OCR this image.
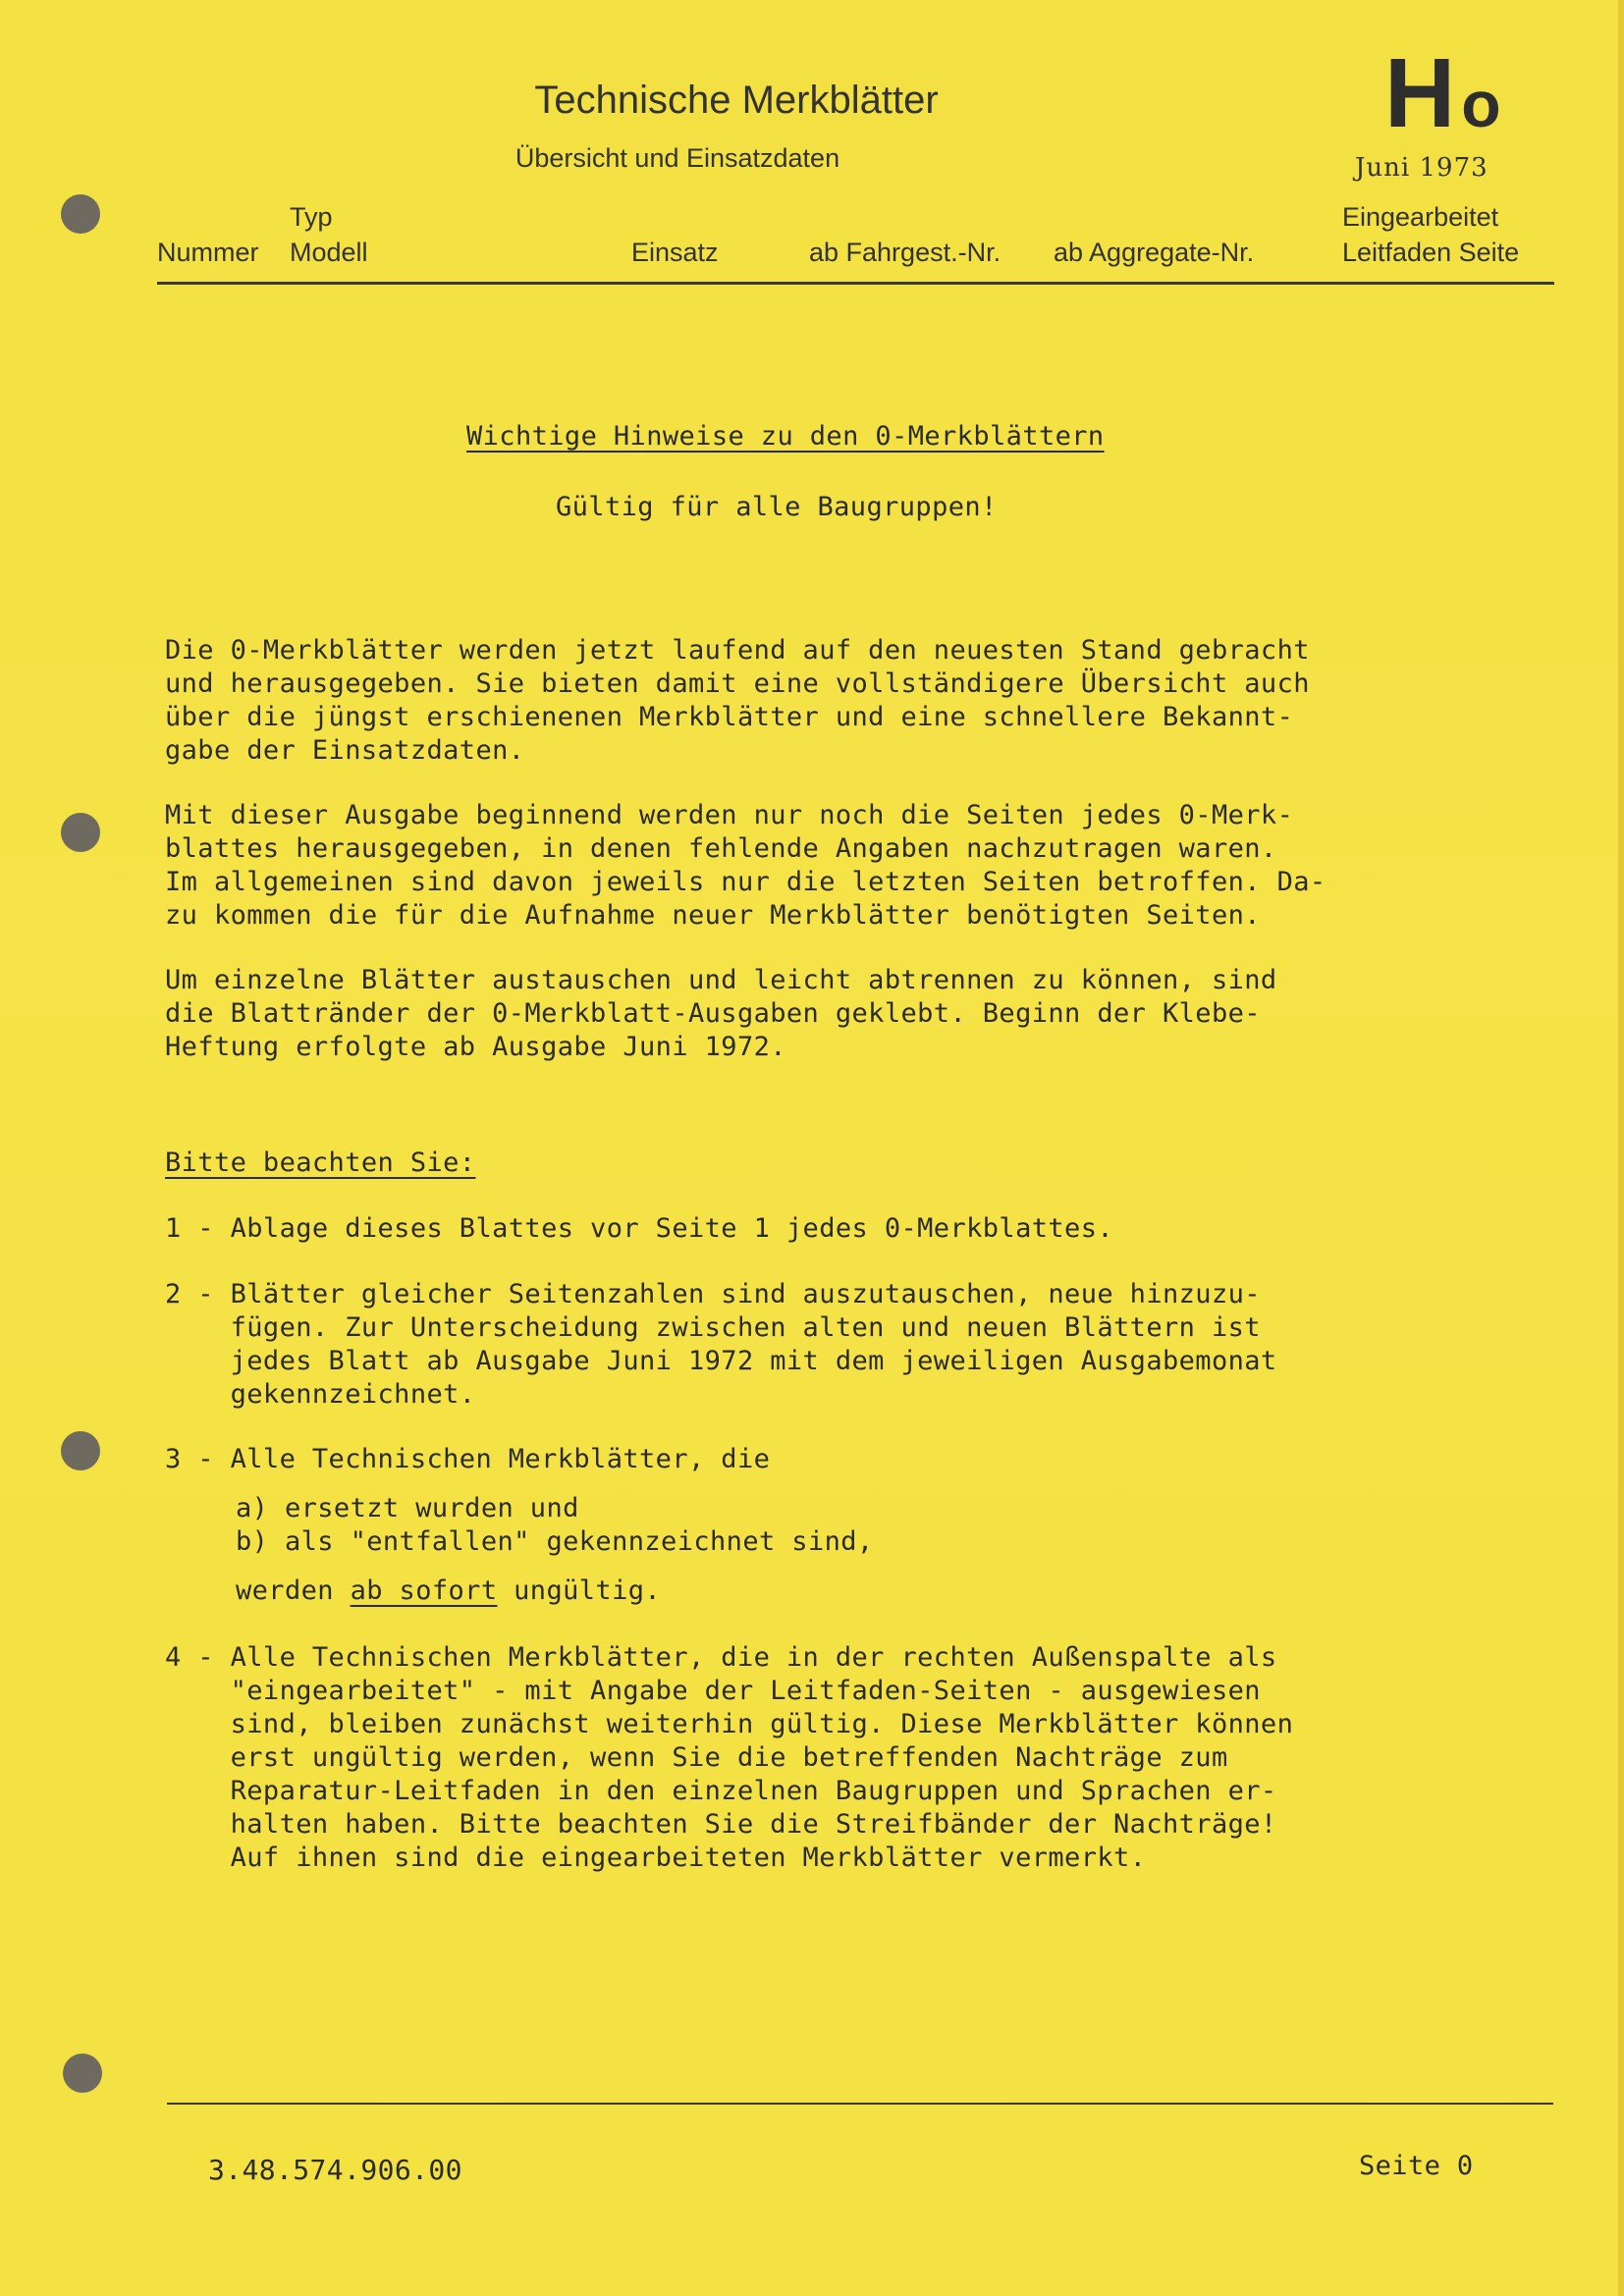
Technische Merkblätter
Übersicht und Einsatzdaten
Ho
Juni 1973
Typ
Nummer Modell	Einsatz	ab Fahrgest.-Nr. ab Aggregate-Nr.
Eingearbeitet
Leitfaden Seite
Wichtige Hinweise zu den 0-Merkblättern
Gültig für alle Baugruppen!
Die 0-Merkblätter werden jetzt laufend auf den neuesten Stand gebracht
und herausgegeben. Sie bieten damit eine vollständigere Übersicht auch
über die jüngst erschienenen Merkblätter und eine schnellere Bekannt-
gabe der Einsatzdaten.
Mit dieser Ausgabe beginnend werden nur noch die Seiten jedes 0-Merk-
blattes herausgegeben, in denen fehlende Angaben nachzutragen waren.
Im allgemeinen sind davon jeweils nur die letzten Seiten betroffen. Da-
zu kommen die für die Aufnahme neuer Merkblätter benötigten Seiten.
Um einzelne Blätter austauschen und leicht abtrennen zu können, sind
die Blattränder der 0-Merkblatt-Ausgaben geklebt. Beginn der Klebe-
Heftung erfolgte ab Ausgabe Juni 1972.
Bitte beachten Sie:
1 - Ablage dieses Blattes vor Seite 1 jedes 0-Merkblattes.
2 - Blätter gleicher Seitenzahlen sind auszutauschen, neue hinzuzu-
fügen. Zur Unterscheidung zwischen alten und neuen Blättern ist
jedes Blatt ab Ausgabe Juni 1972 mit dem jeweiligen Ausgabemonat
gekennzeichnet.
3 - Alle Technischen Merkblätter, die
a) ersetzt wurden und
b) als "entfallen" gekennzeichnet sind,
werden ab sofort ungültig.
4 - Alle Technischen Merkblätter, die in der rechten Außenspalte als
"eingearbeitet" - mit Angabe der Leitfaden-Seiten - ausgewiesen
sind, bleiben zunächst weiterhin gültig. Diese Merkblätter können
erst ungültig werden, wenn Sie die betreffenden Nachträge zum
Reparatur-Leitfaden in den einzelnen Baugruppen und Sprachen er-
halten haben. Bitte beachten Sie die Streifbänder der Nachträge!
Auf ihnen sind die eingearbeiteten Merkblätter vermerkt.
3.48.574.906.00	Seite 0
